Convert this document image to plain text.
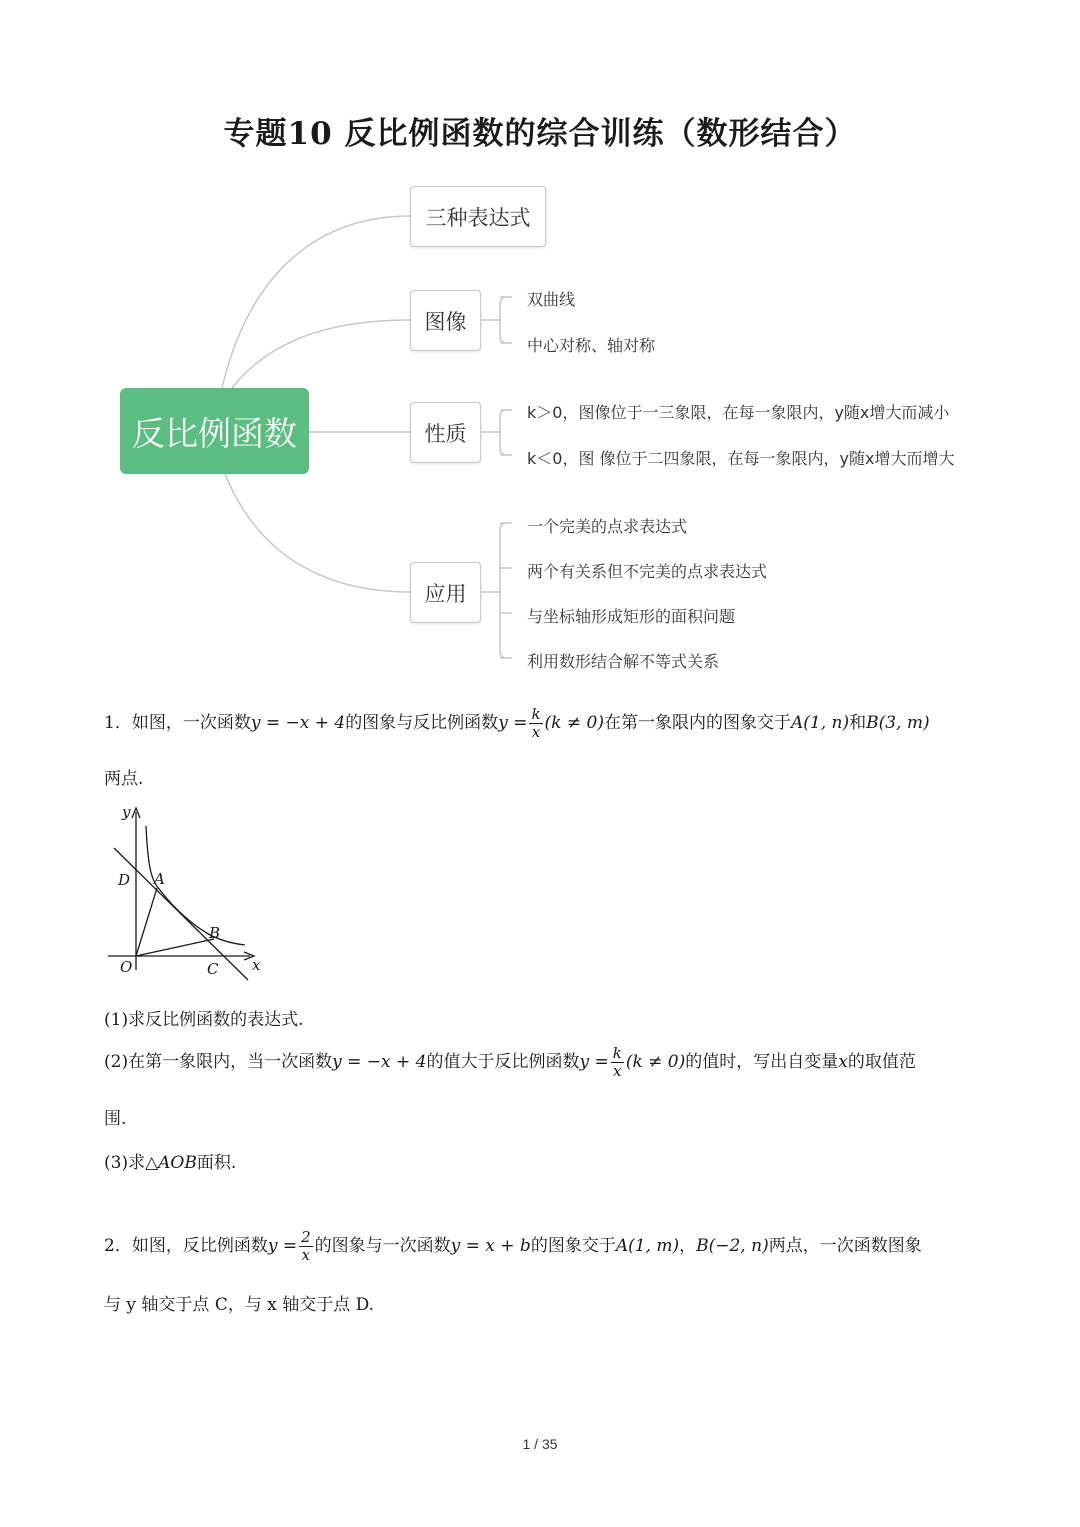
专题10 反比例函数的综合训练（数形结合）
反比例函数
三种表达式
图像
性质
应用
双曲线
中心对称、轴对称
k＞0，图像位于一三象限，在每一象限内，y随x增大而减小
k＜0，图 像位于二四象限，在每一象限内，y随x增大而增大
一个完美的点求表达式
两个有关系但不完美的点求表达式
与坐标轴形成矩形的面积问题
利用数形结合解不等式关系
1．如图，一次函数y = −x + 4的图象与反比例函数$y = \frac{k}{x} (k \ne 0)$在第一象限内的图象交于A(1, n)和B(3, m)
两点.
y
D A
B
O	C x
(1)求反比例函数的表达式.
(2)在第一象限内，当一次函数y = −x + 4的值大于反比例函数$y = \frac{k}{x} (k \ne 0)$的值时，写出自变量x的取值范
围.
(3)求△AOB面积.
2．如图，反比例函数$y = \frac{2}{x}$ 的图象与一次函数y = x + b的图象交于A(1, m)，B(−2, n)两点，一次函数图象
与 y 轴交于点 C，与 x 轴交于点 D.
1 / 35
